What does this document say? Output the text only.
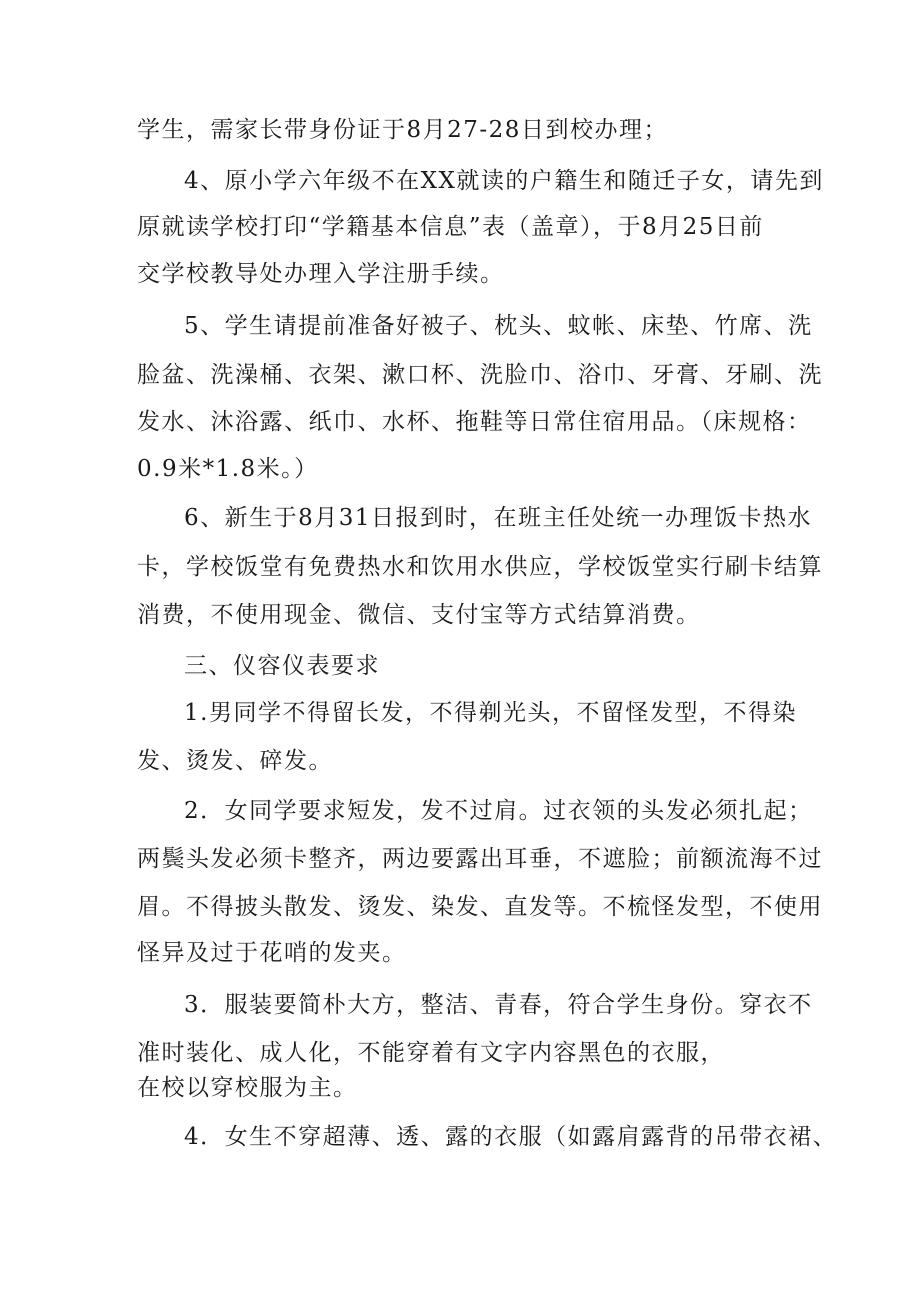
学生，需家长带身份证于8月27-28日到校办理；
4、原小学六年级不在XX就读的户籍生和随迁子女，请先到
原就读学校打印“学籍基本信息”表（盖章），于8月25日前
交学校教导处办理入学注册手续。
5、学生请提前准备好被子、枕头、蚊帐、床垫、竹席、洗
脸盆、洗澡桶、衣架、漱口杯、洗脸巾、浴巾、牙膏、牙刷、洗
发水、沐浴露、纸巾、水杯、拖鞋等日常住宿用品。（床规格：
0.9米*1.8米。）
6、新生于8月31日报到时，在班主任处统一办理饭卡热水
卡，学校饭堂有免费热水和饮用水供应，学校饭堂实行刷卡结算
消费，不使用现金、微信、支付宝等方式结算消费。
三、仪容仪表要求
1.男同学不得留长发，不得剃光头，不留怪发型，不得染
发、烫发、碎发。
2．女同学要求短发，发不过肩。过衣领的头发必须扎起；
两鬓头发必须卡整齐，两边要露出耳垂，不遮脸；前额流海不过
眉。不得披头散发、烫发、染发、直发等。不梳怪发型，不使用
怪异及过于花哨的发夹。
3．服装要简朴大方，整洁、青春，符合学生身份。穿衣不
准时装化、成人化，不能穿着有文字内容黑色的衣服，
在校以穿校服为主。
4．女生不穿超薄、透、露的衣服（如露肩露背的吊带衣裙、
